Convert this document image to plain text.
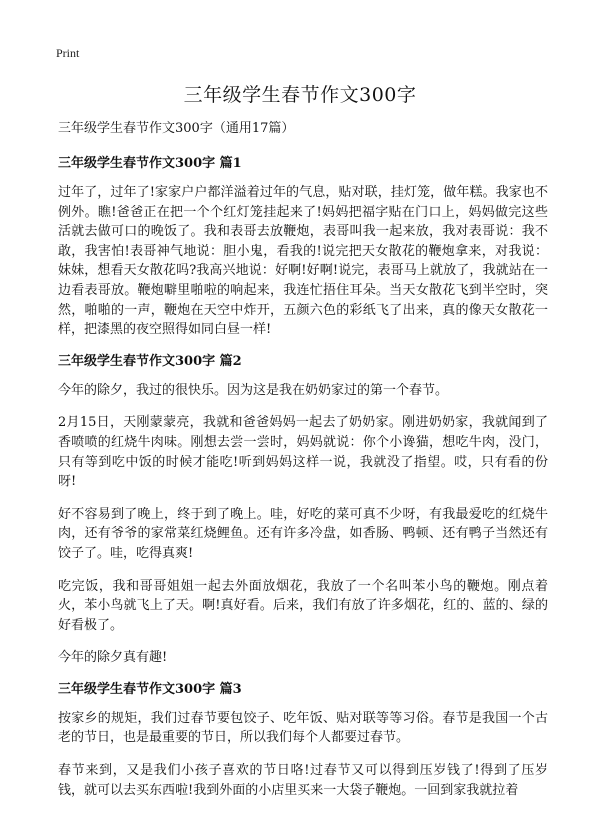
Print
三年级学生春节作文300字

三年级学生春节作文300字（通用17篇）

三年级学生春节作文300字 篇1

过年了，过年了!家家户户都洋溢着过年的气息，贴对联，挂灯笼，做年糕。我家也不例外。瞧!爸爸正在把一个个红灯笼挂起来了!妈妈把福字贴在门口上，妈妈做完这些活就去做可口的晚饭了。我和表哥去放鞭炮，表哥叫我一起来放，我对表哥说：我不敢，我害怕!表哥神气地说：胆小鬼，看我的!说完把天女散花的鞭炮拿来，对我说：妹妹，想看天女散花吗?我高兴地说：好啊!好啊!说完，表哥马上就放了，我就站在一边看表哥放。鞭炮噼里啪啦的响起来，我连忙捂住耳朵。当天女散花飞到半空时，突然，啪啪的一声，鞭炮在天空中炸开，五颜六色的彩纸飞了出来，真的像天女散花一样，把漆黑的夜空照得如同白昼一样!

三年级学生春节作文300字 篇2

今年的除夕，我过的很快乐。因为这是我在奶奶家过的第一个春节。

2月15日，天刚蒙蒙亮，我就和爸爸妈妈一起去了奶奶家。刚进奶奶家，我就闻到了香喷喷的红烧牛肉味。刚想去尝一尝时，妈妈就说：你个小谗猫，想吃牛肉，没门，只有等到吃中饭的时候才能吃!听到妈妈这样一说，我就没了指望。哎，只有看的份呀!

好不容易到了晚上，终于到了晚上。哇，好吃的菜可真不少呀，有我最爱吃的红烧牛肉，还有爷爷的家常菜红烧鲤鱼。还有许多冷盘，如香肠、鸭顿、还有鸭子当然还有饺子了。哇，吃得真爽!

吃完饭，我和哥哥姐姐一起去外面放烟花，我放了一个名叫苯小鸟的鞭炮。刚点着火，苯小鸟就飞上了天。啊!真好看。后来，我们有放了许多烟花，红的、蓝的、绿的好看极了。

今年的除夕真有趣!

三年级学生春节作文300字 篇3

按家乡的规矩，我们过春节要包饺子、吃年饭、贴对联等等习俗。春节是我国一个古老的节日，也是最重要的节日，所以我们每个人都要过春节。

春节来到，又是我们小孩子喜欢的节日咯!过春节又可以得到压岁钱了!得到了压岁钱，就可以去买东西啦!我到外面的小店里买来一大袋子鞭炮。一回到家我就拉着
